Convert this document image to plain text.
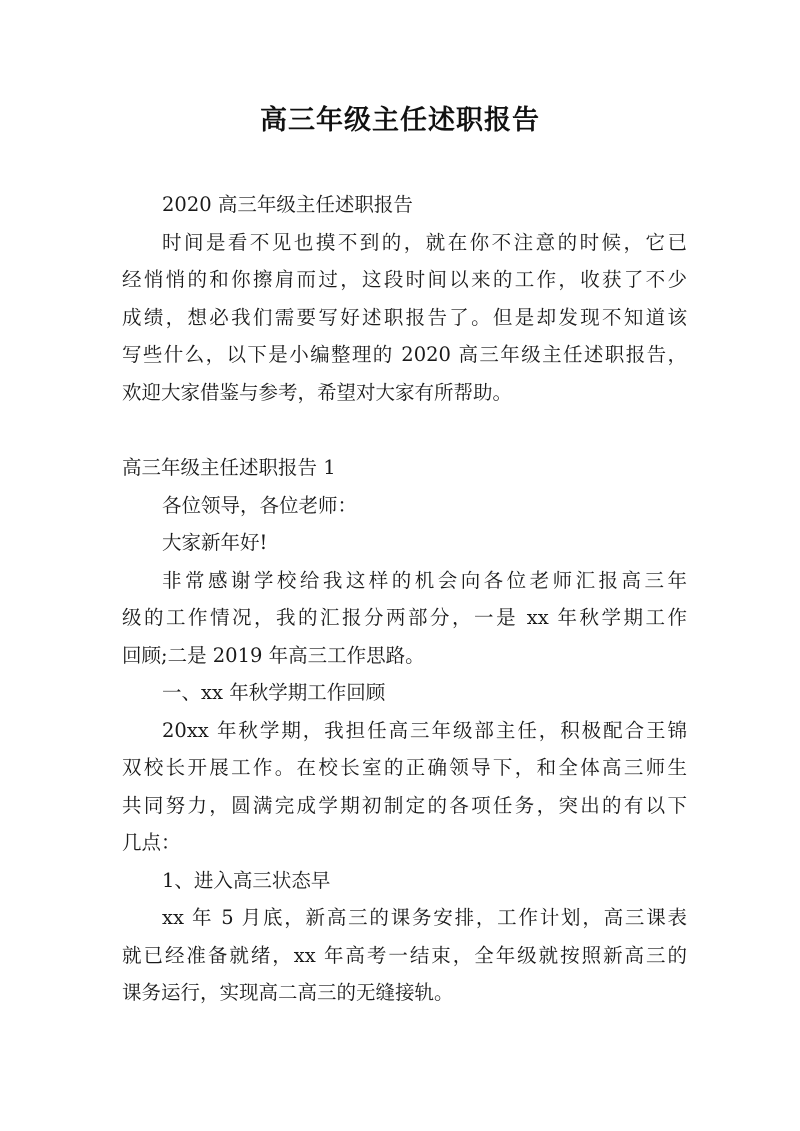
高三年级主任述职报告
2020 高三年级主任述职报告
时间是看不见也摸不到的，就在你不注意的时候，它已
经悄悄的和你擦肩而过，这段时间以来的工作，收获了不少
成绩，想必我们需要写好述职报告了。但是却发现不知道该
写些什么，以下是小编整理的 2020 高三年级主任述职报告，
欢迎大家借鉴与参考，希望对大家有所帮助。
高三年级主任述职报告 1
各位领导，各位老师：
大家新年好!
非常感谢学校给我这样的机会向各位老师汇报高三年
级的工作情况，我的汇报分两部分，一是 xx 年秋学期工作
回顾;二是 2019 年高三工作思路。
一、xx 年秋学期工作回顾
20xx 年秋学期，我担任高三年级部主任，积极配合王锦
双校长开展工作。在校长室的正确领导下，和全体高三师生
共同努力，圆满完成学期初制定的各项任务，突出的有以下
几点：
1、进入高三状态早
xx 年 5 月底，新高三的课务安排，工作计划，高三课表
就已经准备就绪，xx 年高考一结束，全年级就按照新高三的
课务运行，实现高二高三的无缝接轨。
